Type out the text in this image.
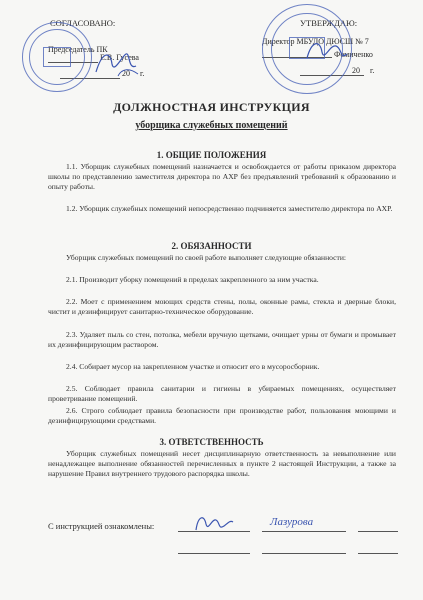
СОГЛАСОВАНО:
Председатель ПК
Е.В. Гусева
20 г.
УТВЕРЖДАЮ:
Директор МБУДО ДЮСШ № 7
Фомиченко
20 г.
ДОЛЖНОСТНАЯ ИНСТРУКЦИЯ
уборщика служебных помещений
1. ОБЩИЕ ПОЛОЖЕНИЯ
1.1. Уборщик служебных помещений назначается и освобождается от работы приказом директора школы по представлению заместителя директора по АХР без предъявлений требований к образованию и опыту работы.
1.2. Уборщик служебных помещений непосредственно подчиняется заместителю директора по АХР.
2. ОБЯЗАННОСТИ
Уборщик служебных помещений по своей работе выполняет следующие обязанности:
2.1. Производит уборку помещений в пределах закрепленного за ним участка.
2.2. Моет с применением моющих средств стены, полы, оконные рамы, стекла и дверные блоки, чистит и дезинфицирует санитарно-техническое оборудование.
2.3. Удаляет пыль со стен, потолка, мебели вручную щетками, очищает урны от бумаги и промывает их дезинфицирующим раствором.
2.4. Собирает мусор на закрепленном участке и относит его в мусоросборник.
2.5. Соблюдает правила санитарии и гигиены в убираемых помещениях, осуществляет проветривание помещений.
2.6. Строго соблюдает правила безопасности при производстве работ, пользования моющими и дезинфицирующими средствами.
3. ОТВЕТСТВЕННОСТЬ
Уборщик служебных помещений несет дисциплинарную ответственность за невыполнение или ненадлежащее выполнение обязанностей перечисленных в пункте 2 настоящей Инструкции, а также за нарушение Правил внутреннего трудового распорядка школы.
С инструкцией ознакомлены:	Лазурова
